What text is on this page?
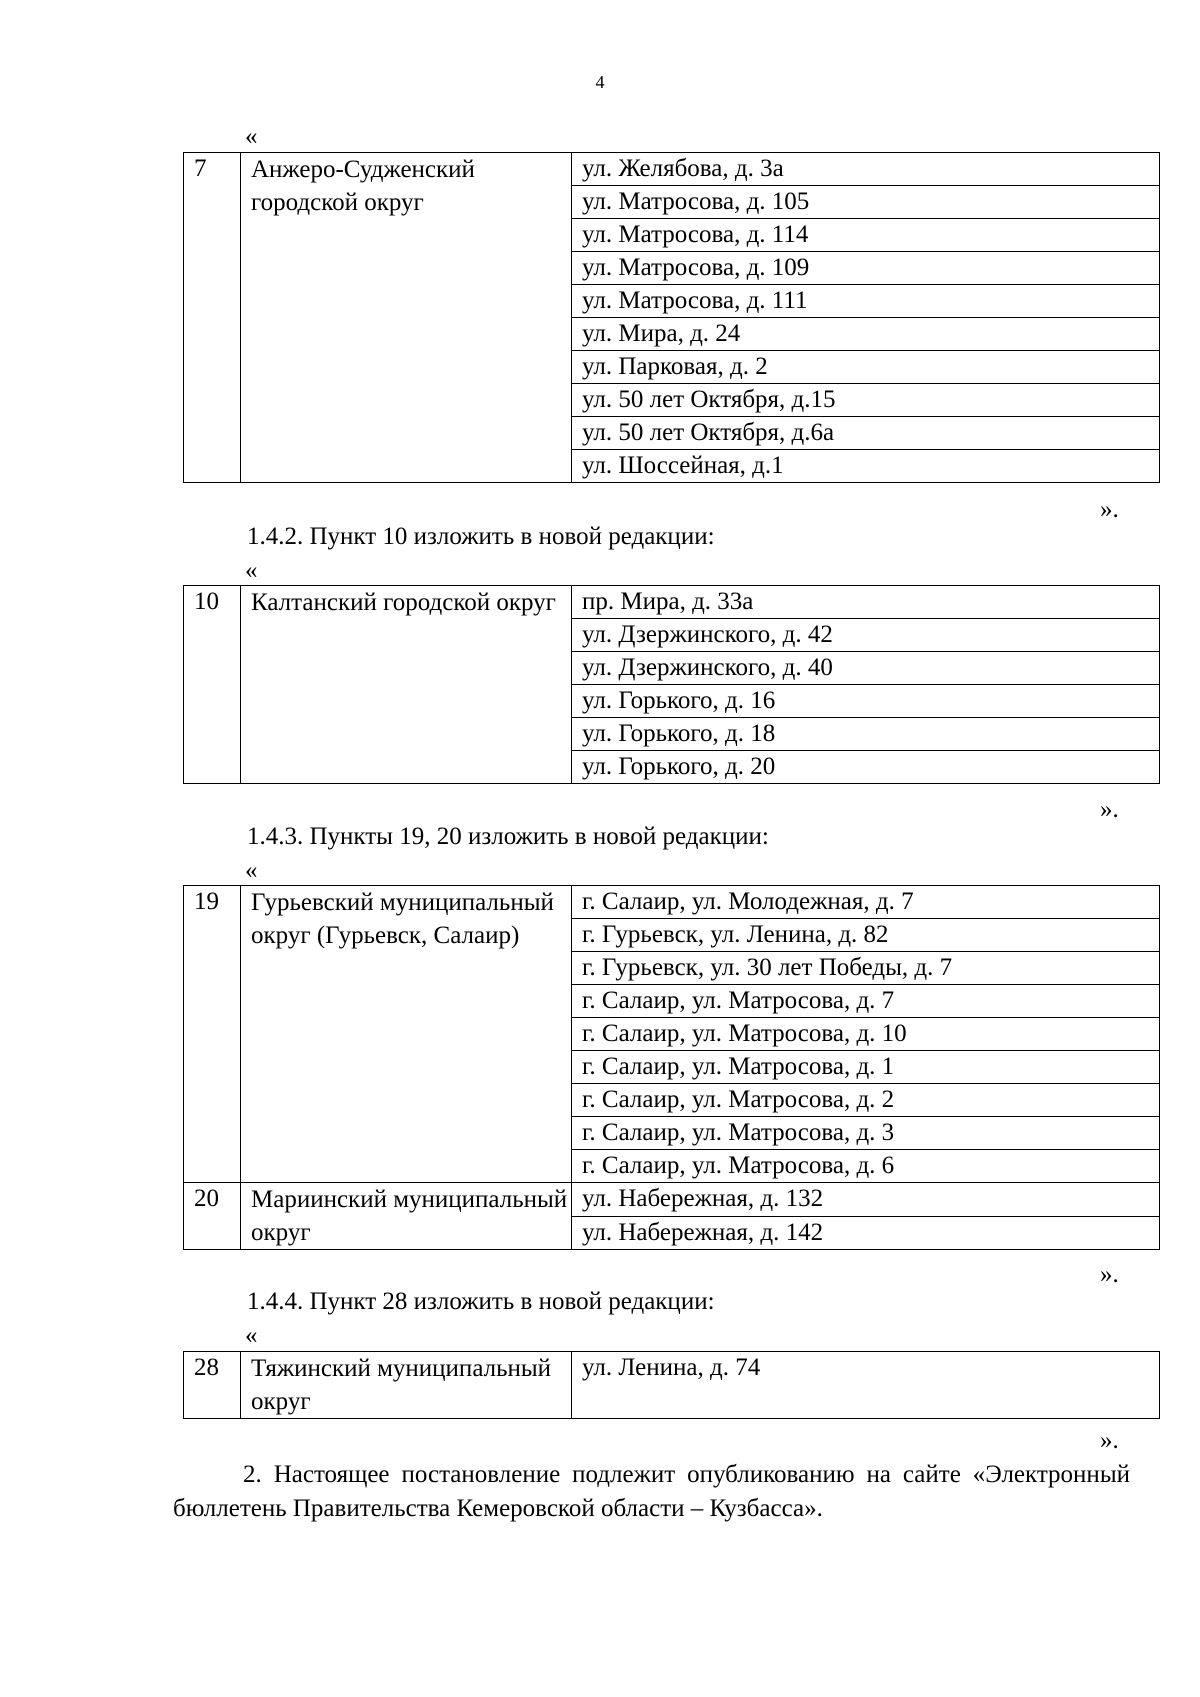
4
«
7	Анжеро-Судженский городской округ	ул. Желябова, д. 3а
ул. Матросова, д. 105
ул. Матросова, д. 114
ул. Матросова, д. 109
ул. Матросова, д. 111
ул. Мира, д. 24
ул. Парковая, д. 2
ул. 50 лет Октября, д.15
ул. 50 лет Октября, д.6а
ул. Шоссейная, д.1
».
1.4.2. Пункт 10 изложить в новой редакции:
«
10	Калтанский городской округ	пр. Мира, д. 33а
ул. Дзержинского, д. 42
ул. Дзержинского, д. 40
ул. Горького, д. 16
ул. Горького, д. 18
ул. Горького, д. 20
».
1.4.3. Пункты 19, 20 изложить в новой редакции:
«
19	Гурьевский муниципальный округ (Гурьевск, Салаир)	г. Салаир, ул. Молодежная, д. 7
		г. Гурьевск, ул. Ленина, д. 82
		г. Гурьевск, ул. 30 лет Победы, д. 7
		г. Салаир, ул. Матросова, д. 7
		г. Салаир, ул. Матросова, д. 10
		г. Салаир, ул. Матросова, д. 1
		г. Салаир, ул. Матросова, д. 2
		г. Салаир, ул. Матросова, д. 3
		г. Салаир, ул. Матросова, д. 6
20	Мариинский муниципальный округ	ул. Набережная, д. 132
		ул. Набережная, д. 142
».
1.4.4. Пункт 28 изложить в новой редакции:
«
28	Тяжинский муниципальный округ	ул. Ленина, д. 74
».
2. Настоящее постановление подлежит опубликованию на сайте «Электронный бюллетень Правительства Кемеровской области – Кузбасса».
